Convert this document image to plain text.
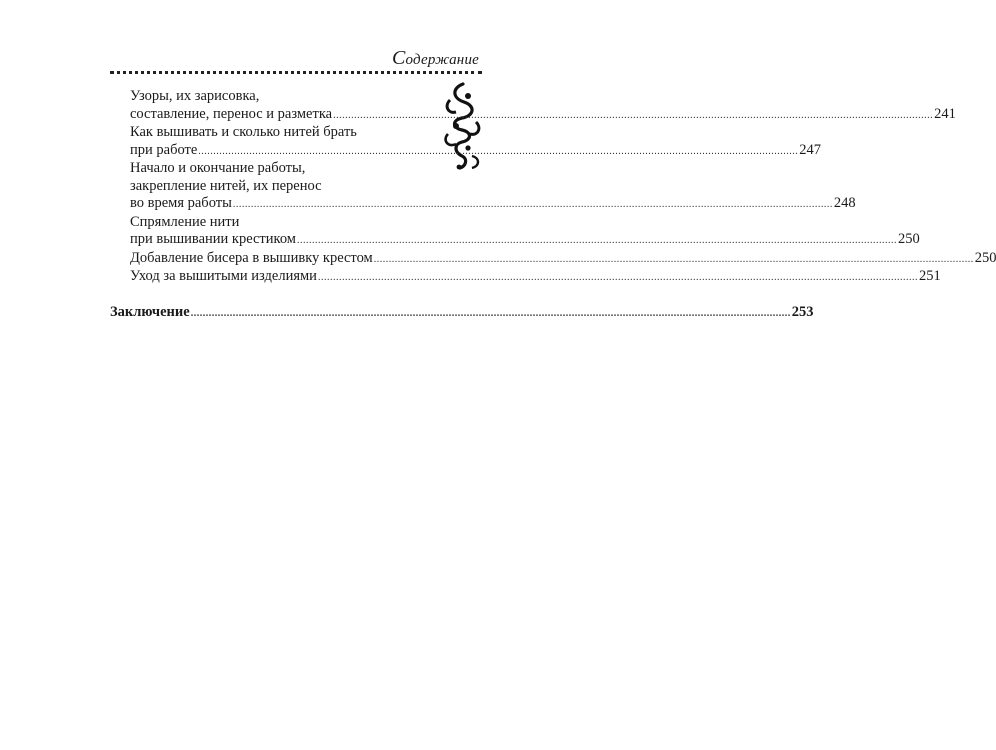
Содержание
Узоры, их зарисовка,
составление, перенос и разметка ........................................................................................................................................................................................................ 241
Как вышивать и сколько нитей брать
при работе ........................................................................................................................................................................................................ 247
Начало и окончание работы,
закрепление нитей, их перенос
во время работы ........................................................................................................................................................................................................ 248
Спрямление нити
при вышивании крестиком ........................................................................................................................................................................................................ 250
Добавление бисера в вышивку крестом ........................................................................................................................................................................................................ 250
Уход за вышитыми изделиями ........................................................................................................................................................................................................ 251
Заключение ........................................................................................................................................................................................................ 253
